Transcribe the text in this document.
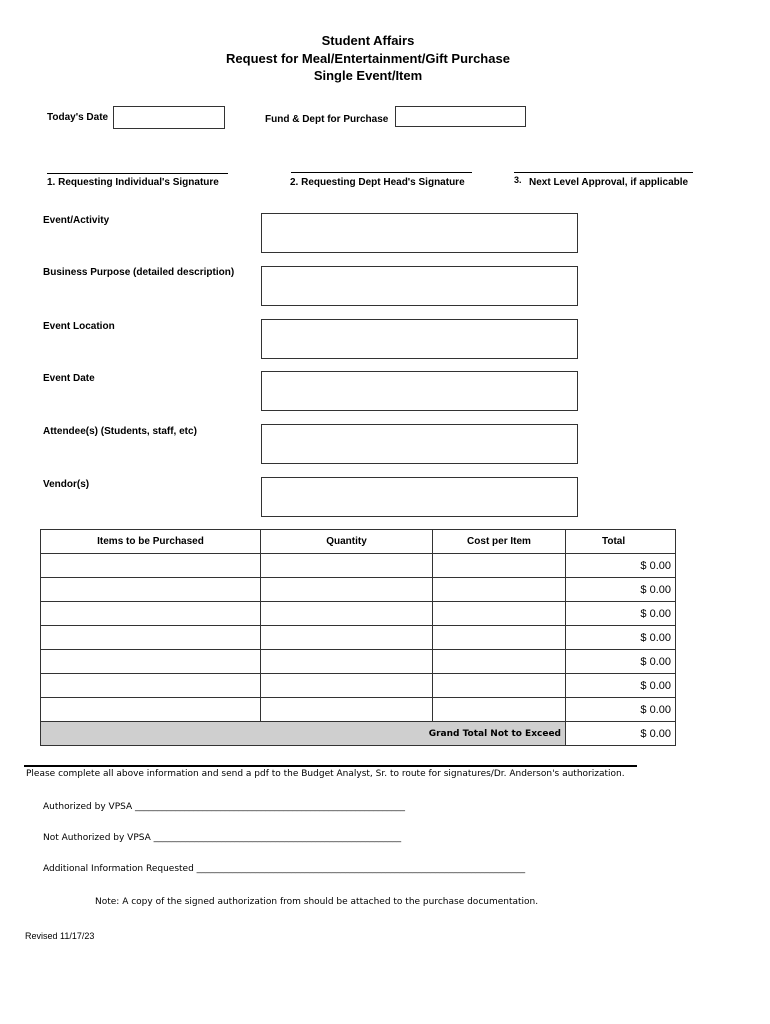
Student Affairs
Request for Meal/Entertainment/Gift Purchase
Single Event/Item
Today's Date	Fund & Dept for Purchase
1. Requesting Individual's Signature	2. Requesting Dept Head's Signature	3. Next Level Approval, if applicable
Event/Activity
Business Purpose (detailed description)
Event Location
Event Date
Attendee(s) (Students, staff, etc)
Vendor(s)
Items to be Purchased	Quantity	Cost per Item	Total
			$ 0.00
			$ 0.00
			$ 0.00
			$ 0.00
			$ 0.00
			$ 0.00
			$ 0.00
Grand Total Not to Exceed			$ 0.00
Please complete all above information and send a pdf to the Budget Analyst, Sr. to route for signatures/Dr. Anderson's authorization.
Authorized by VPSA ____________________________________________________________
Not Authorized by VPSA _______________________________________________________
Additional Information Requested _________________________________________________________________________
Note: A copy of the signed authorization from should be attached to the purchase documentation.
Revised 11/17/23
